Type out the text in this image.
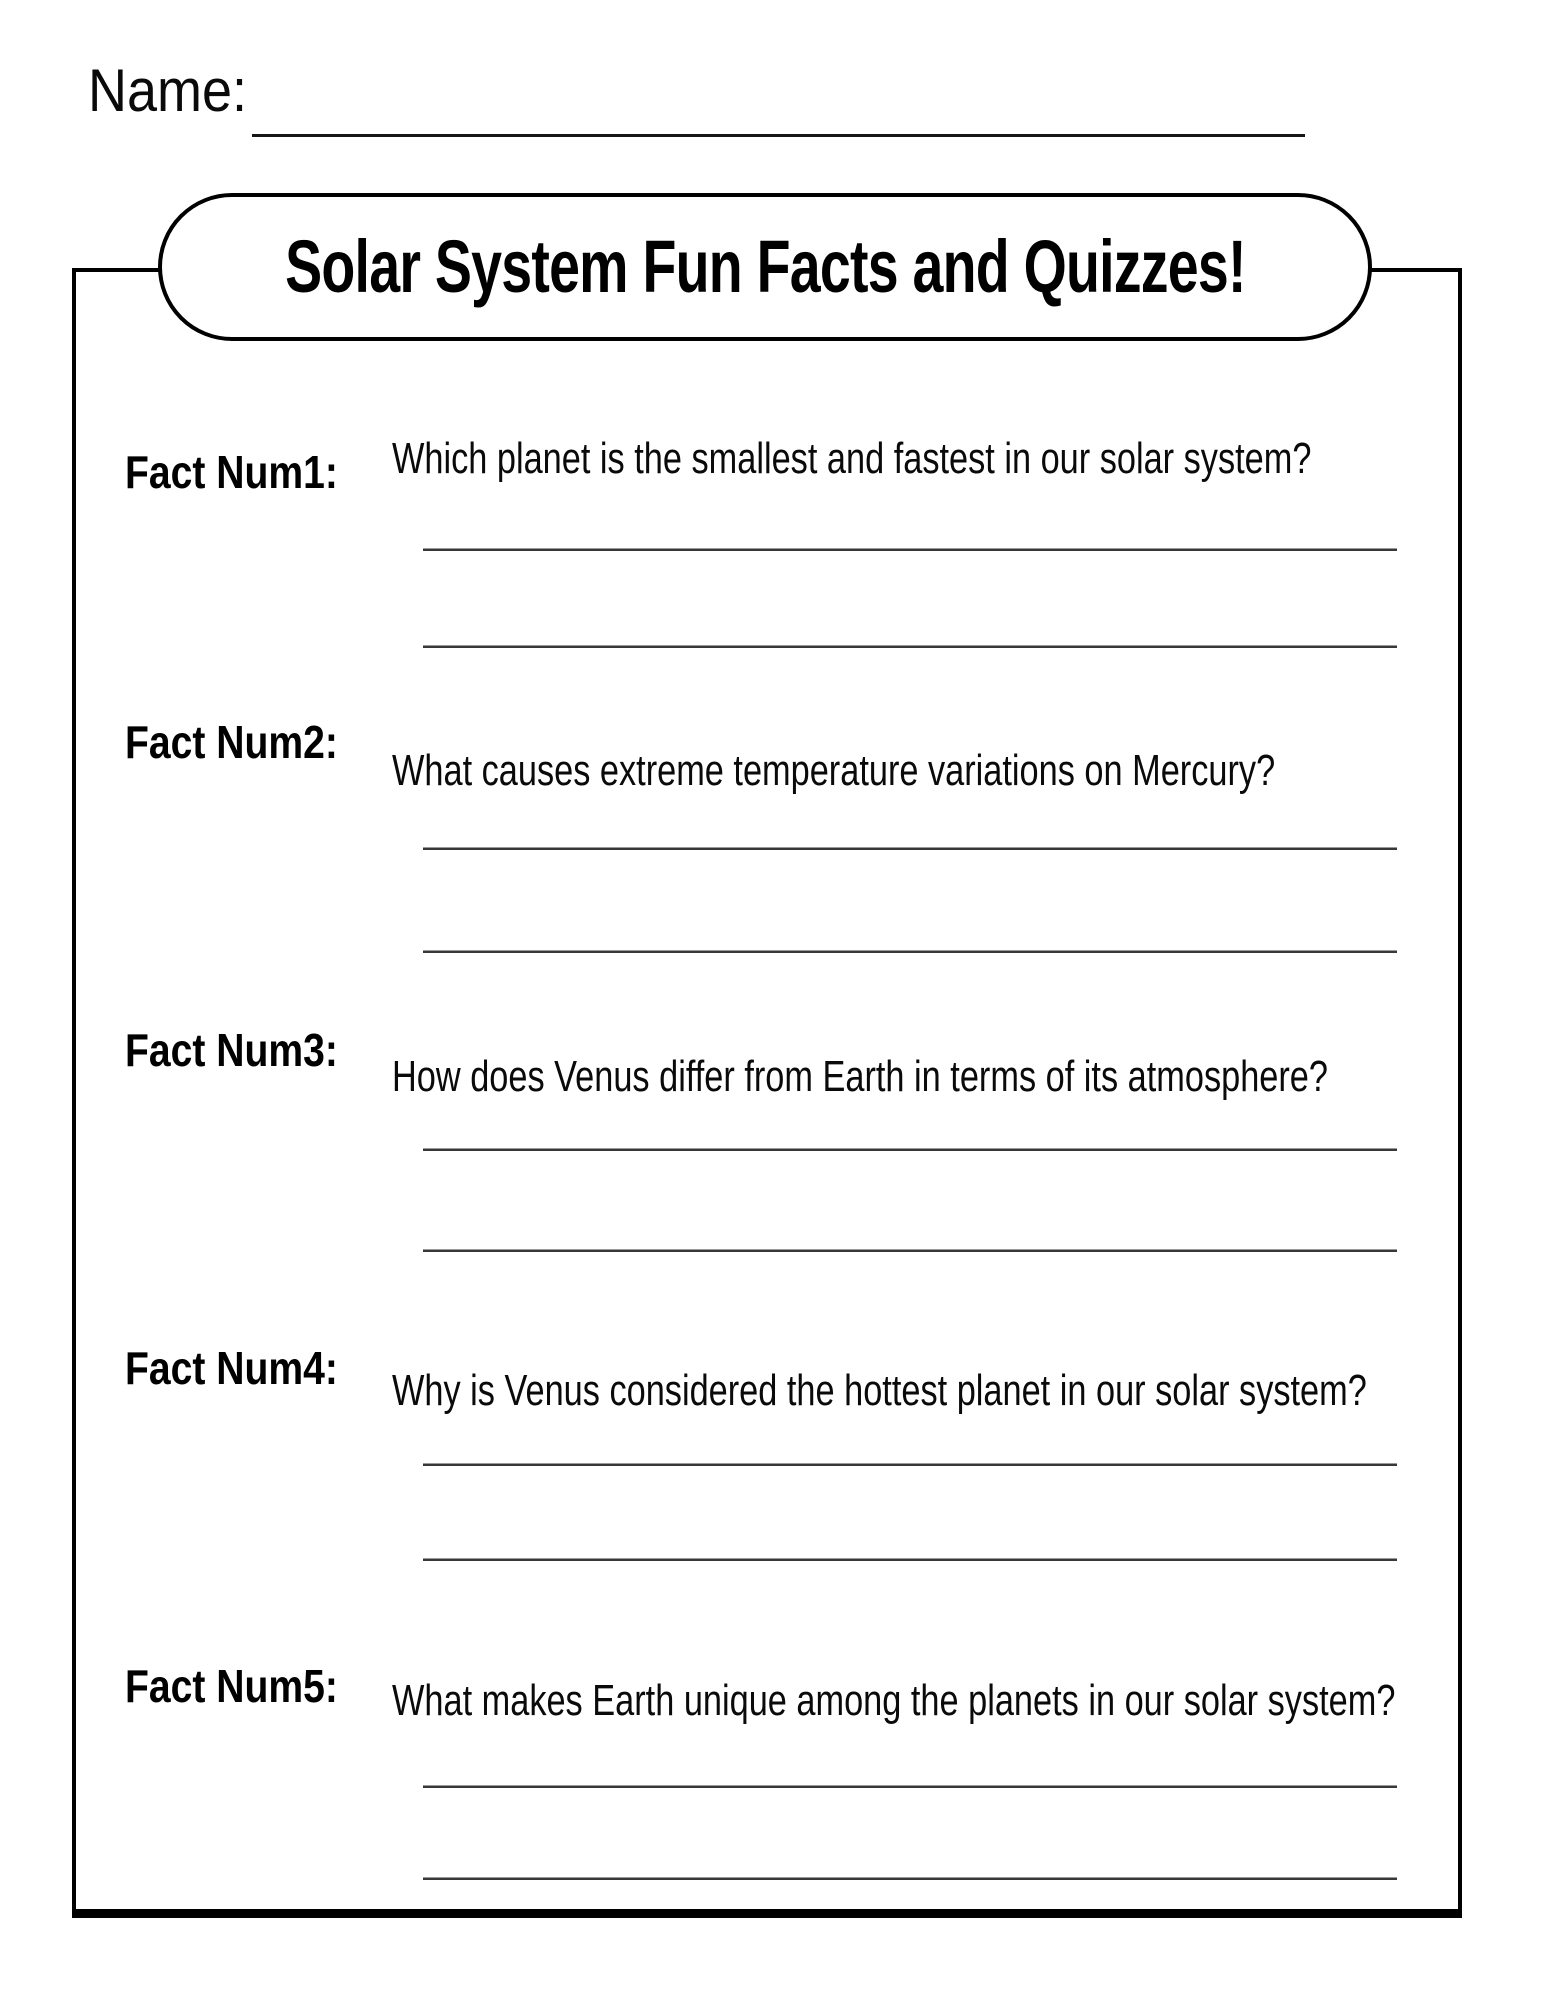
Name:
Solar System Fun Facts and Quizzes!
Fact Num1: Which planet is the smallest and fastest in our solar system?
Fact Num2:
What causes extreme temperature variations on Mercury?
Fact Num3:
How does Venus differ from Earth in terms of its atmosphere?
Fact Num4: Why is Venus considered the hottest planet in our solar system?
Fact Num5: What makes Earth unique among the planets in our solar system?
